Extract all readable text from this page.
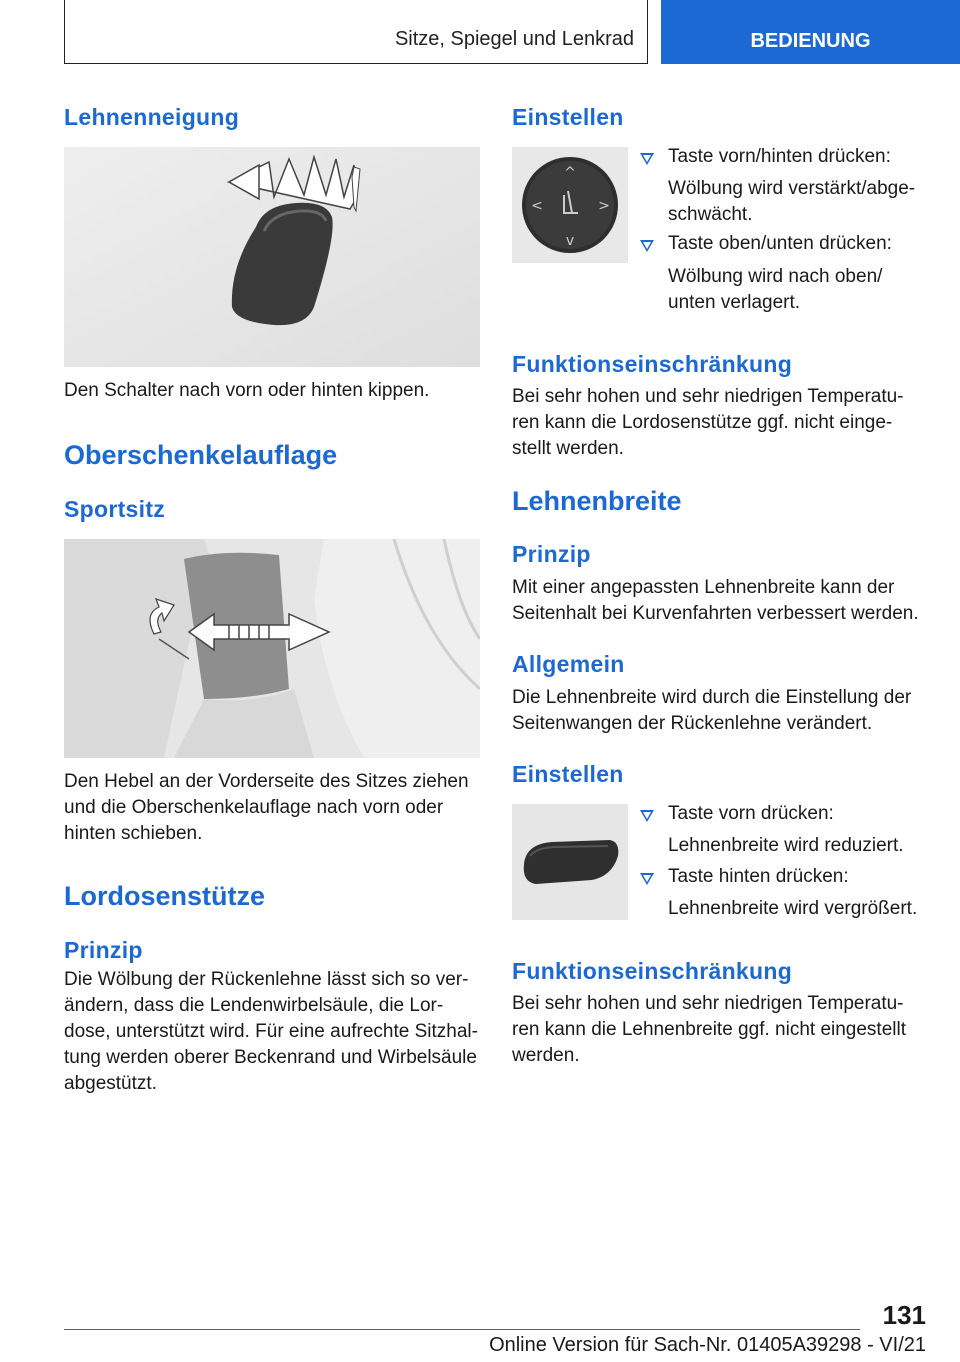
Sitze, Spiegel und Lenkrad	BEDIENUNG
Lehnenneigung
Den Schalter nach vorn oder hinten kippen.
Oberschenkelauflage
Sportsitz
Den Hebel an der Vorderseite des Sitzes ziehen
und die Oberschenkelauflage nach vorn oder
hinten schieben.
Lordosenstütze
Prinzip
Die Wölbung der Rückenlehne lässt sich so ver‐
ändern, dass die Lendenwirbelsäule, die Lor‐
dose, unterstützt wird. Für eine aufrechte Sitzhal‐
tung werden oberer Beckenrand und Wirbelsäule
abgestützt.
Einstellen
^
v
<	>
Taste vorn/hinten drücken:
Wölbung wird verstärkt/abge‐
schwächt.
Taste oben/unten drücken:
Wölbung wird nach oben/
unten verlagert.
Funktionseinschränkung
Bei sehr hohen und sehr niedrigen Temperatu‐
ren kann die Lordosenstütze ggf. nicht einge‐
stellt werden.
Lehnenbreite
Prinzip
Mit einer angepassten Lehnenbreite kann der
Seitenhalt bei Kurvenfahrten verbessert werden.
Allgemein
Die Lehnenbreite wird durch die Einstellung der
Seitenwangen der Rückenlehne verändert.
Einstellen
Taste vorn drücken:
Lehnenbreite wird reduziert.
Taste hinten drücken:
Lehnenbreite wird vergrößert.
Funktionseinschränkung
Bei sehr hohen und sehr niedrigen Temperatu‐
ren kann die Lehnenbreite ggf. nicht eingestellt
werden.
131
Online Version für Sach-Nr. 01405A39298 - VI/21
